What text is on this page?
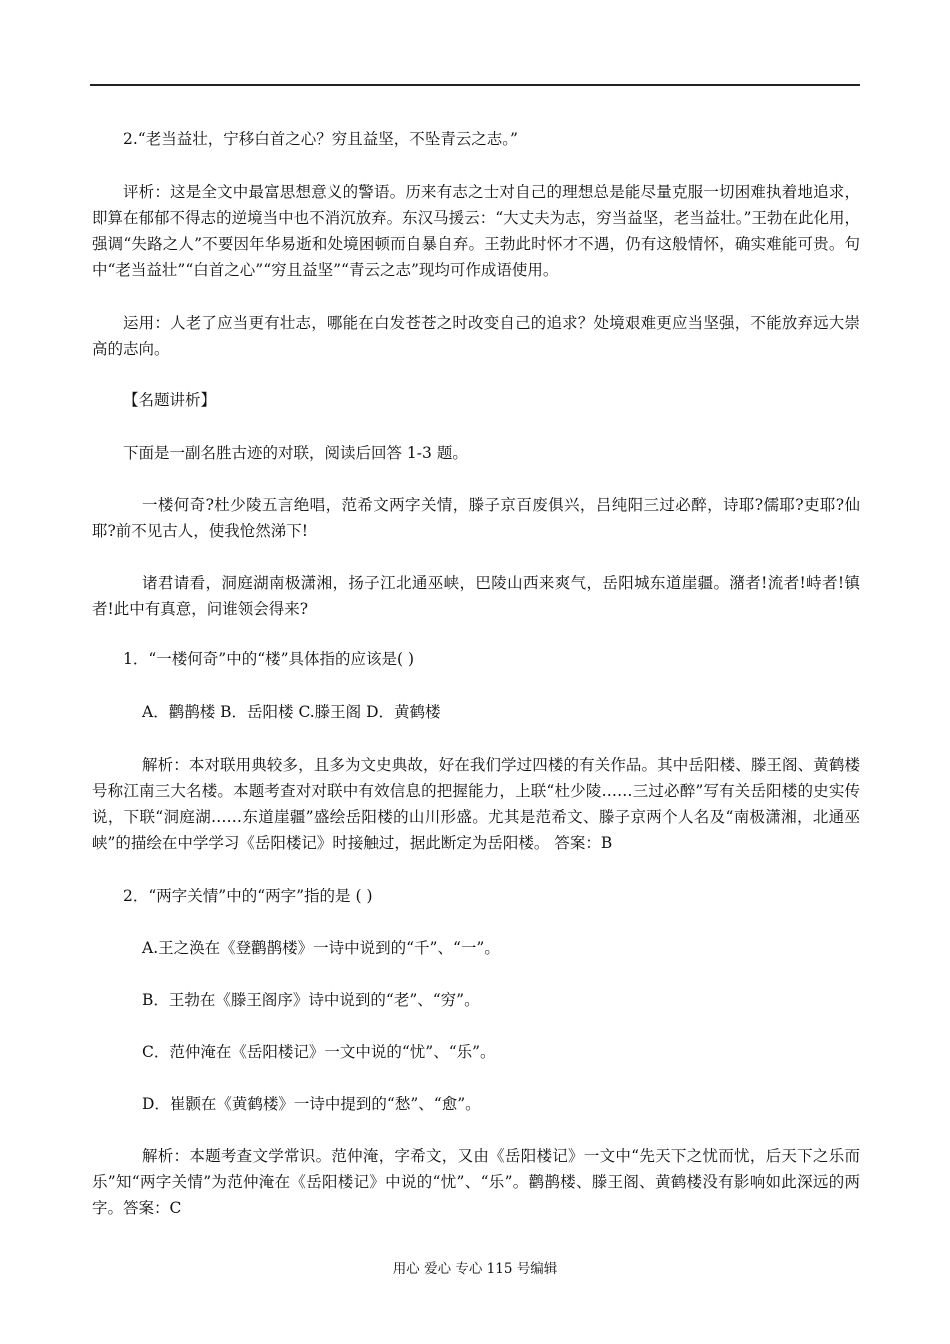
2.“老当益壮，宁移白首之心？穷且益坚，不坠青云之志。”

评析：这是全文中最富思想意义的警语。历来有志之士对自己的理想总是能尽量克服一切困难执着地追求，即算在郁郁不得志的逆境当中也不消沉放弃。东汉马援云：“大丈夫为志，穷当益坚，老当益壮。”王勃在此化用，强调“失路之人”不要因年华易逝和处境困顿而自暴自弃。王勃此时怀才不遇，仍有这般情怀，确实难能可贵。句中“老当益壮”“白首之心”“穷且益坚”“青云之志”现均可作成语使用。

运用：人老了应当更有壮志，哪能在白发苍苍之时改变自己的追求？处境艰难更应当坚强，不能放弃远大崇高的志向。

【名题讲析】

下面是一副名胜古迹的对联，阅读后回答 1-3 题。

一楼何奇?杜少陵五言绝唱，范希文两字关情，滕子京百废俱兴，吕纯阳三过必醉，诗耶?儒耶?吏耶?仙耶?前不见古人，使我怆然涕下!

诸君请看，洞庭湖南极潇湘，扬子江北通巫峡，巴陵山西来爽气，岳阳城东道崖疆。潴者!流者!峙者!镇者!此中有真意，问谁领会得来?

1．“一楼何奇”中的“楼”具体指的应该是( )

A．鹳鹊楼 B．岳阳楼 C.滕王阁 D．黄鹤楼

解析：本对联用典较多，且多为文史典故，好在我们学过四楼的有关作品。其中岳阳楼、滕王阁、黄鹤楼号称江南三大名楼。本题考查对对联中有效信息的把握能力，上联“杜少陵……三过必醉”写有关岳阳楼的史实传说，下联“洞庭湖……东道崖疆”盛绘岳阳楼的山川形盛。尤其是范希文、滕子京两个人名及“南极潇湘，北通巫峡”的描绘在中学学习《岳阳楼记》时接触过，据此断定为岳阳楼。 答案：B

2．“两字关情”中的“两字”指的是 ( )

A.王之涣在《登鹳鹊楼》一诗中说到的“千”、“一”。

B．王勃在《滕王阁序》诗中说到的“老”、“穷”。

C．范仲淹在《岳阳楼记》一文中说的“忧”、“乐”。

D．崔颢在《黄鹤楼》一诗中提到的“愁”、“愈”。

解析：本题考查文学常识。范仲淹，字希文，又由《岳阳楼记》一文中“先天下之忧而忧，后天下之乐而乐”知“两字关情”为范仲淹在《岳阳楼记》中说的“忧”、“乐”。鹳鹊楼、滕王阁、黄鹤楼没有影响如此深远的两字。答案：C

用心 爱心 专心 115 号编辑
